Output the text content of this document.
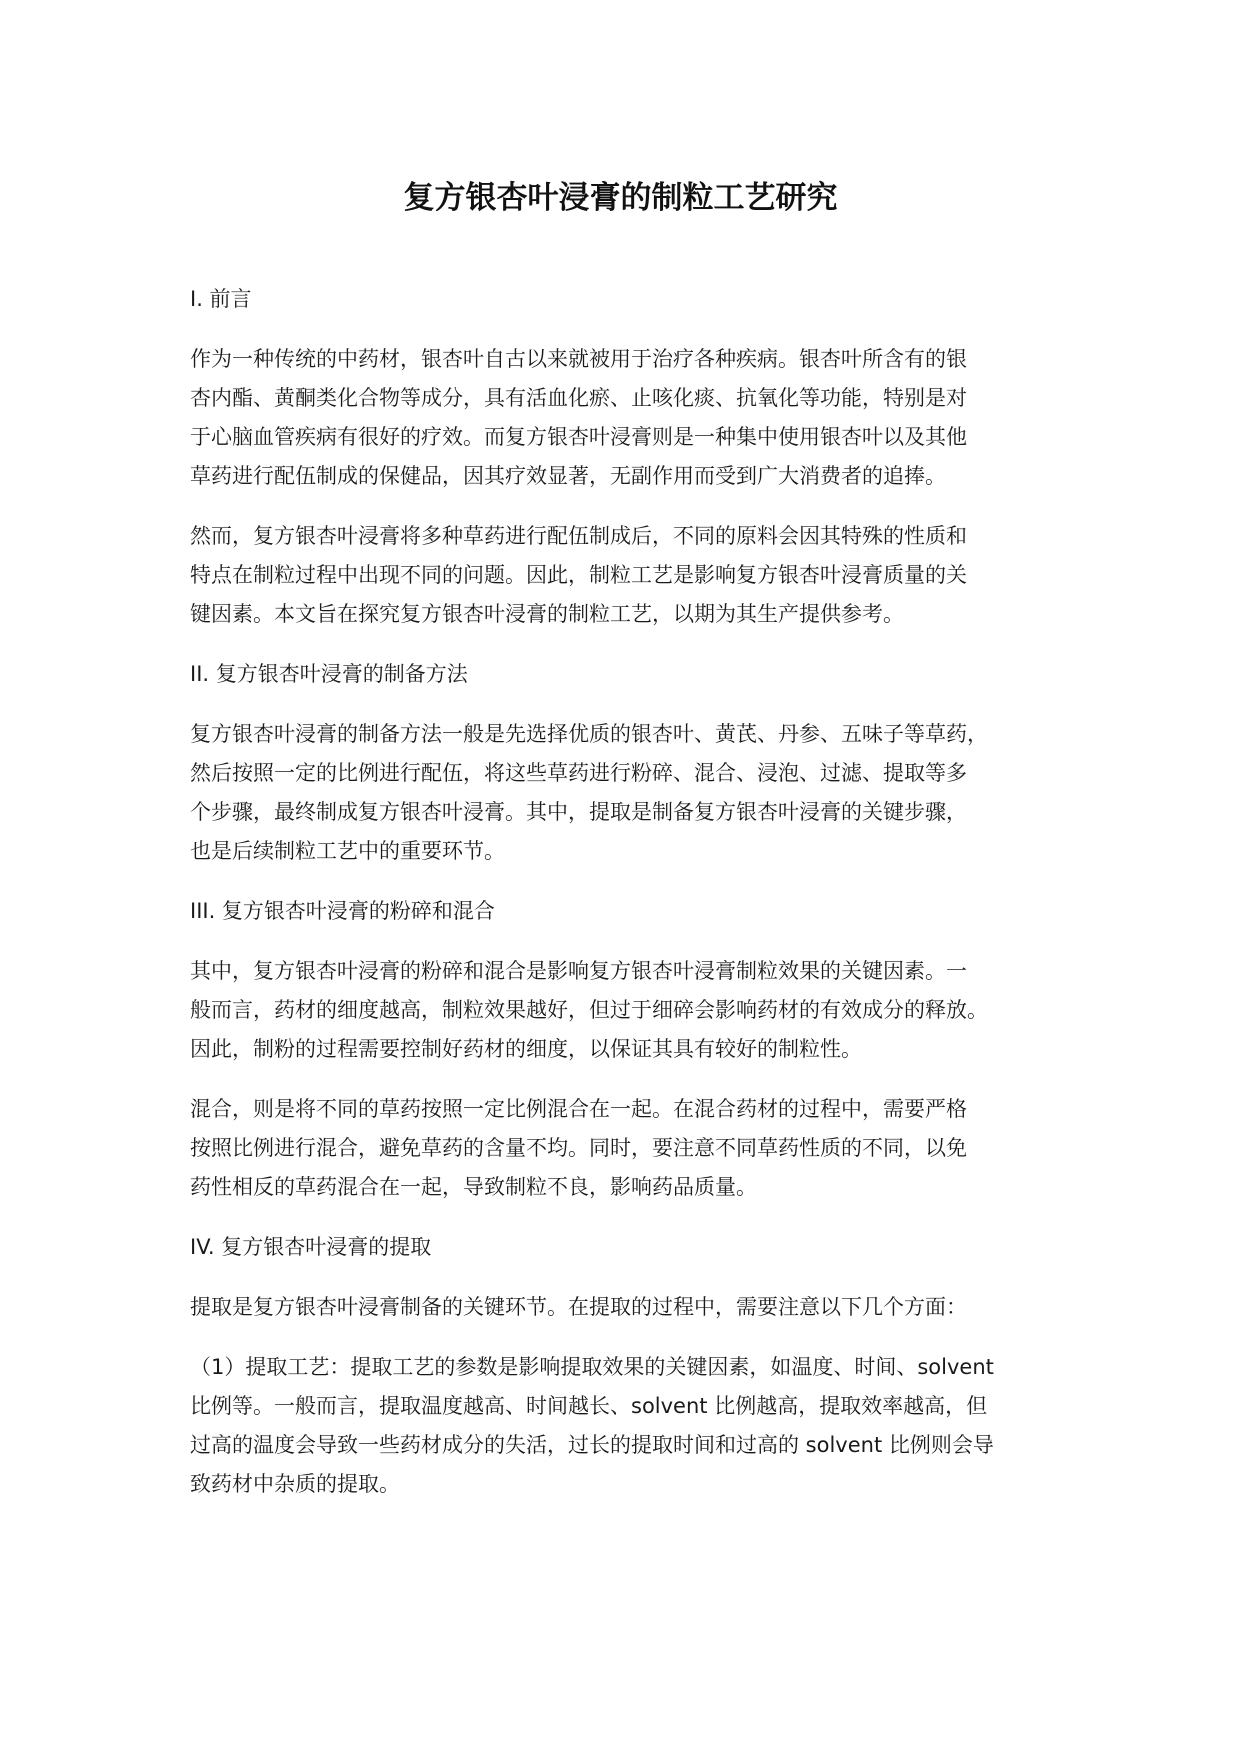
复方银杏叶浸膏的制粒工艺研究
I. 前言

作为一种传统的中药材，银杏叶自古以来就被用于治疗各种疾病。银杏叶所含有的银
杏内酯、黄酮类化合物等成分，具有活血化瘀、止咳化痰、抗氧化等功能，特别是对
于心脑血管疾病有很好的疗效。而复方银杏叶浸膏则是一种集中使用银杏叶以及其他
草药进行配伍制成的保健品，因其疗效显著，无副作用而受到广大消费者的追捧。

然而，复方银杏叶浸膏将多种草药进行配伍制成后，不同的原料会因其特殊的性质和
特点在制粒过程中出现不同的问题。因此，制粒工艺是影响复方银杏叶浸膏质量的关
键因素。本文旨在探究复方银杏叶浸膏的制粒工艺，以期为其生产提供参考。

II. 复方银杏叶浸膏的制备方法

复方银杏叶浸膏的制备方法一般是先选择优质的银杏叶、黄芪、丹参、五味子等草药，
然后按照一定的比例进行配伍，将这些草药进行粉碎、混合、浸泡、过滤、提取等多
个步骤，最终制成复方银杏叶浸膏。其中，提取是制备复方银杏叶浸膏的关键步骤，
也是后续制粒工艺中的重要环节。

III. 复方银杏叶浸膏的粉碎和混合

其中，复方银杏叶浸膏的粉碎和混合是影响复方银杏叶浸膏制粒效果的关键因素。一
般而言，药材的细度越高，制粒效果越好，但过于细碎会影响药材的有效成分的释放。
因此，制粉的过程需要控制好药材的细度，以保证其具有较好的制粒性。

混合，则是将不同的草药按照一定比例混合在一起。在混合药材的过程中，需要严格
按照比例进行混合，避免草药的含量不均。同时，要注意不同草药性质的不同，以免
药性相反的草药混合在一起，导致制粒不良，影响药品质量。

IV. 复方银杏叶浸膏的提取

提取是复方银杏叶浸膏制备的关键环节。在提取的过程中，需要注意以下几个方面：

（1）提取工艺：提取工艺的参数是影响提取效果的关键因素，如温度、时间、solvent
比例等。一般而言，提取温度越高、时间越长、solvent 比例越高，提取效率越高，但
过高的温度会导致一些药材成分的失活，过长的提取时间和过高的 solvent 比例则会导
致药材中杂质的提取。
